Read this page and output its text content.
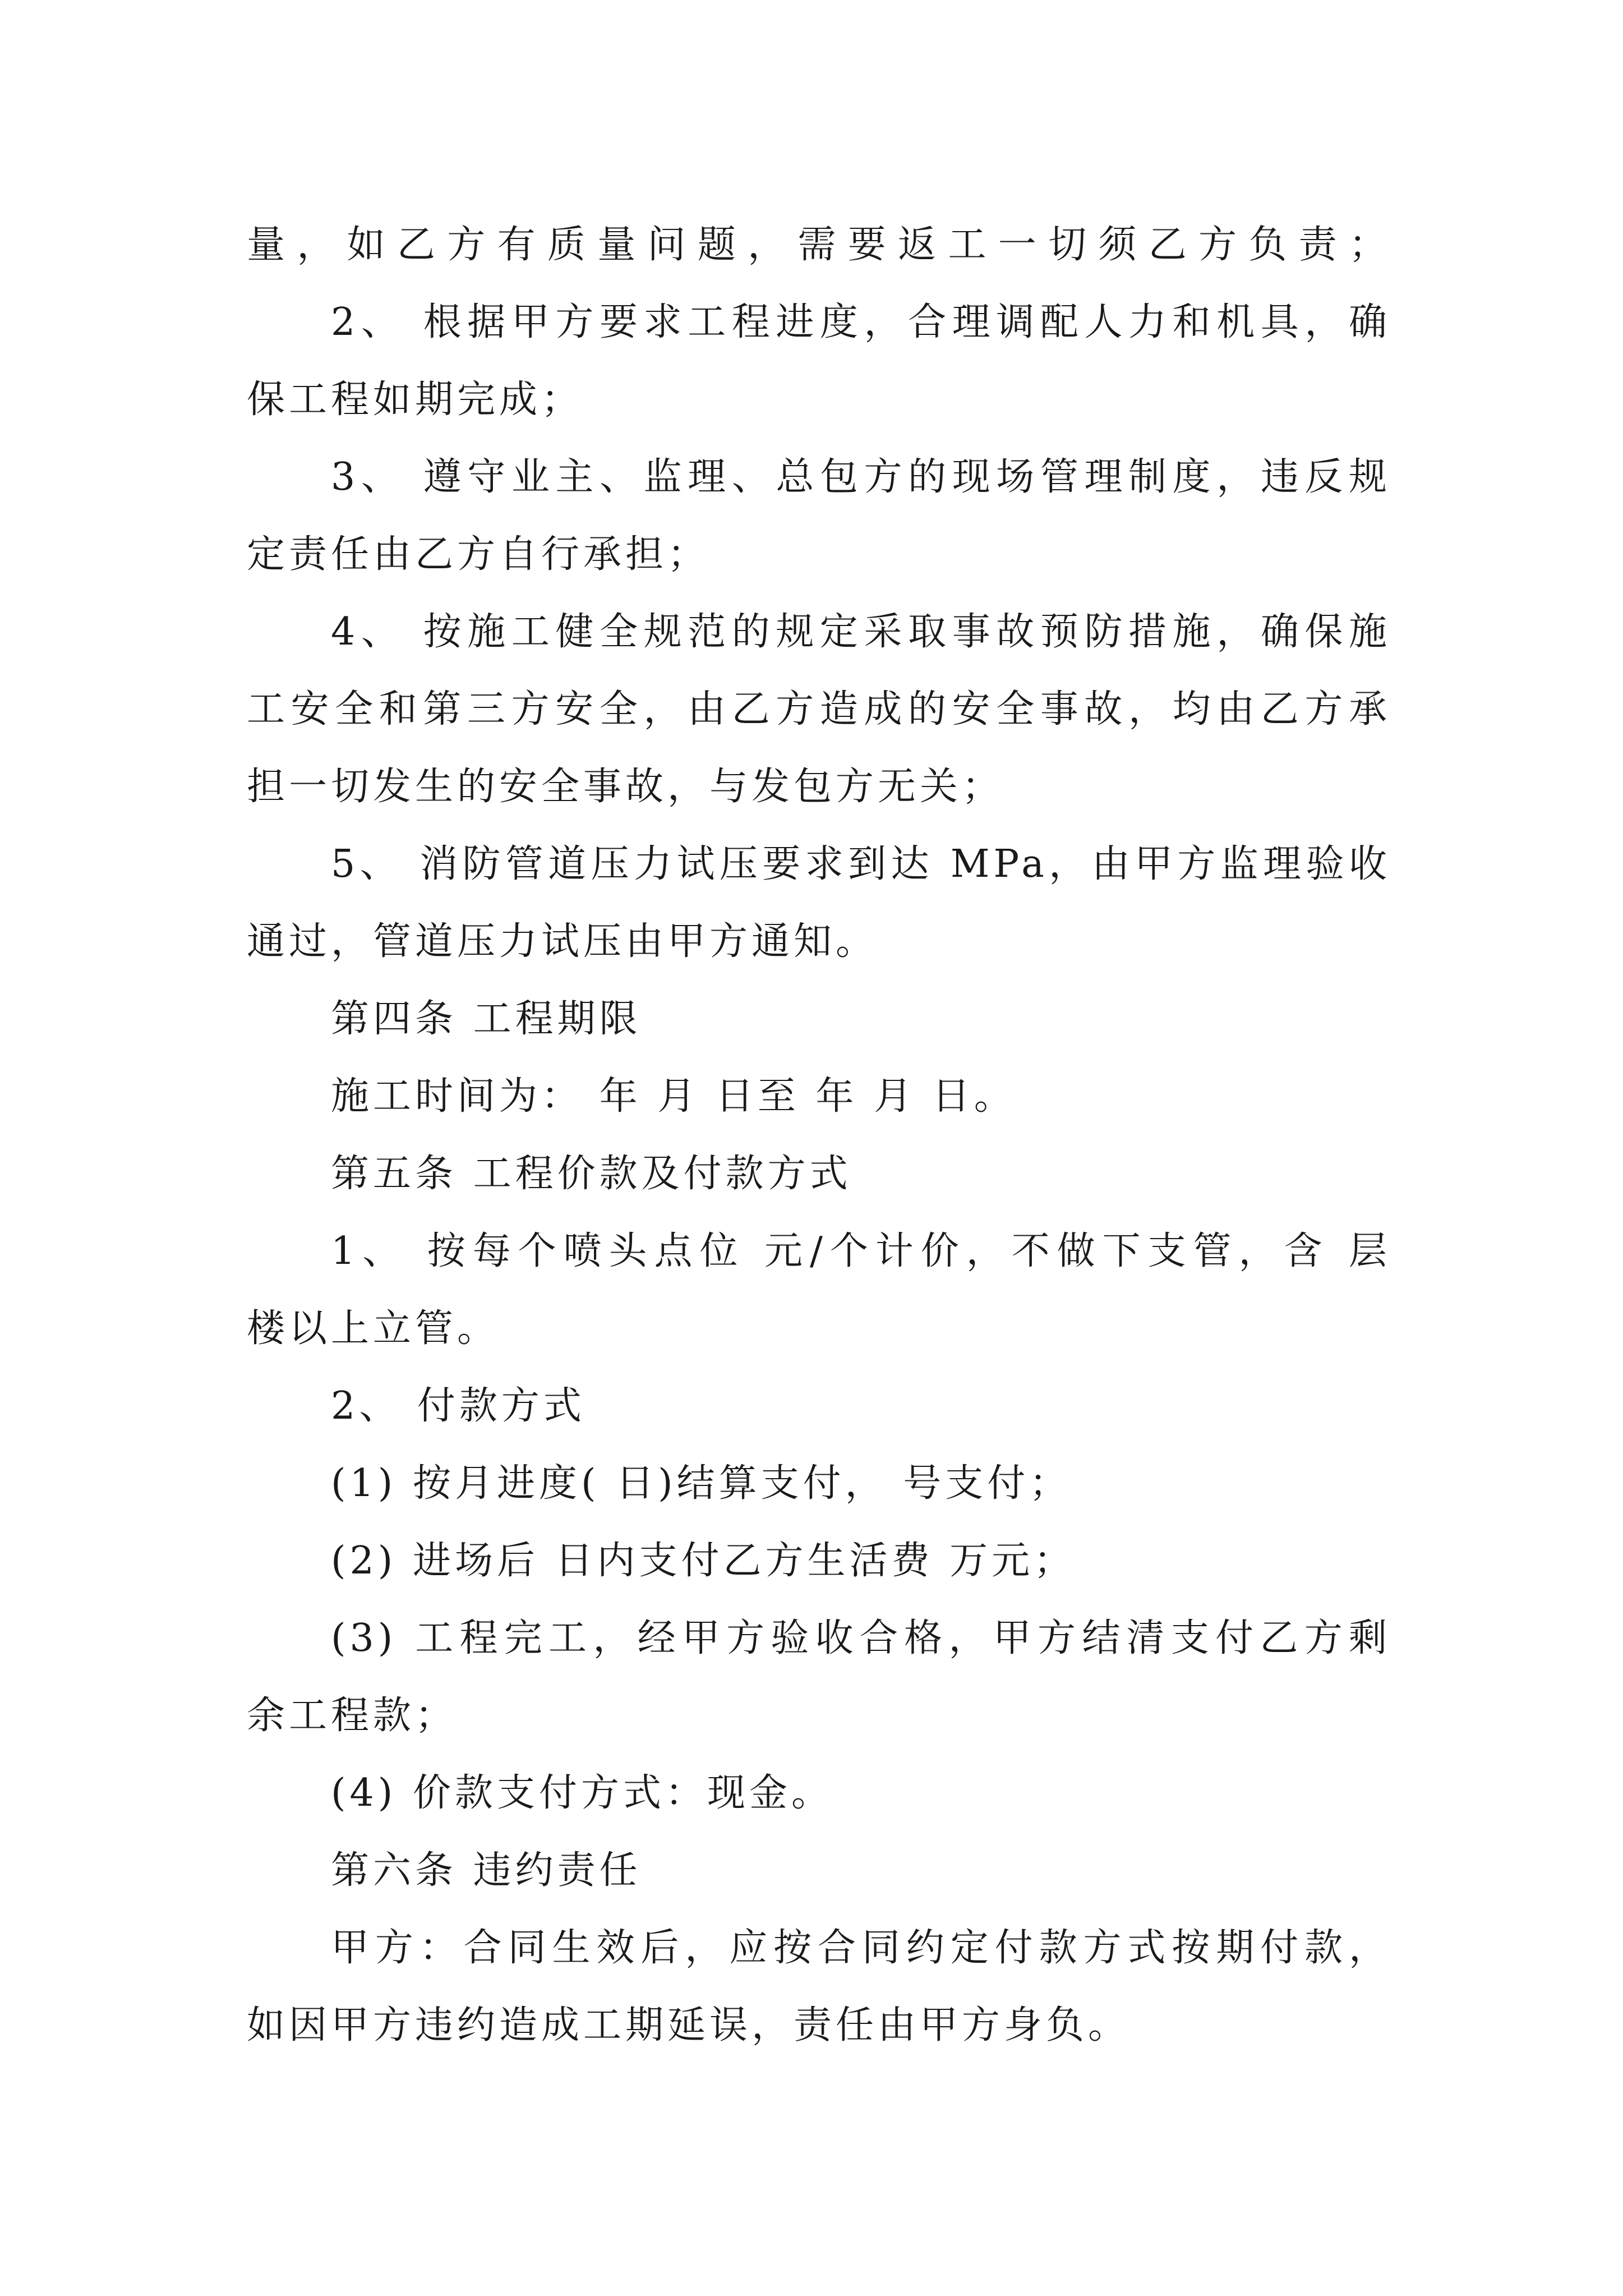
量，如乙方有质量问题，需要返工一切须乙方负责；
2、 根据甲方要求工程进度，合理调配人力和机具，确
保工程如期完成；
3、 遵守业主、监理、总包方的现场管理制度，违反规
定责任由乙方自行承担；
4、 按施工健全规范的规定采取事故预防措施，确保施
工安全和第三方安全，由乙方造成的安全事故，均由乙方承
担一切发生的安全事故，与发包方无关；
5、 消防管道压力试压要求到达 MPa，由甲方监理验收
通过，管道压力试压由甲方通知。
第四条 工程期限
施工时间为： 年 月 日至 年 月 日。
第五条 工程价款及付款方式
1、 按每个喷头点位 元/个计价，不做下支管，含 层
楼以上立管。
2、 付款方式
(1) 按月进度( 日)结算支付， 号支付；
(2) 进场后 日内支付乙方生活费 万元；
(3) 工程完工，经甲方验收合格，甲方结清支付乙方剩
余工程款；
(4) 价款支付方式：现金。
第六条 违约责任
甲方：合同生效后，应按合同约定付款方式按期付款，
如因甲方违约造成工期延误，责任由甲方身负。
